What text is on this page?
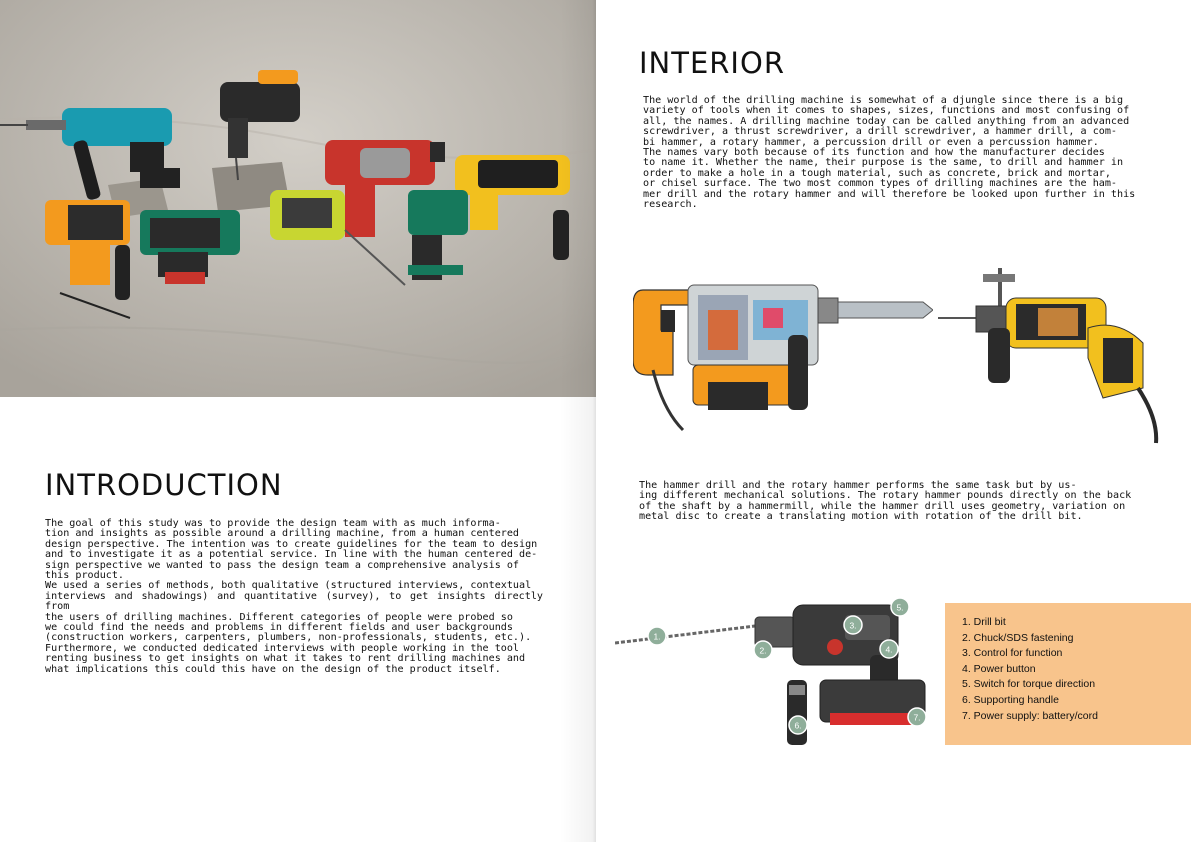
INTRODUCTION
The goal of this study was to provide the design team with as much informa-
tion and insights as possible around a drilling machine, from a human centered
design perspective. The intention was to create guidelines for the team to design
and to investigate it as a potential service. In line with the human centered de-
sign perspective we wanted to pass the design team a comprehensive analysis of
this product.
We used a series of methods, both qualitative (structured interviews, contextual
interviews and shadowings) and quantitative (survey), to get insights directly from
the users of drilling machines. Different categories of people were probed so
we could find the needs and problems in different fields and user backgrounds
(construction workers, carpenters, plumbers, non-professionals, students, etc.).
Furthermore, we conducted dedicated interviews with people working in the tool
renting business to get insights on what it takes to rent drilling machines and
what implications this could this have on the design of the product itself.
INTERIOR
The world of the drilling machine is somewhat of a djungle since there is a big
variety of tools when it comes to shapes, sizes, functions and most confusing of
all, the names. A drilling machine today can be called anything from an advanced
screwdriver, a thrust screwdriver, a drill screwdriver, a hammer drill, a com-
bi hammer, a rotary hammer, a percussion drill or even a percussion hammer.
The names vary both because of its function and how the manufacturer decides
to name it. Whether the name, their purpose is the same, to drill and hammer in
order to make a hole in a tough material, such as concrete, brick and mortar,
or chisel surface. The two most common types of drilling machines are the ham-
mer drill and the rotary hammer and will therefore be looked upon further in this
research.
The hammer drill and the rotary hammer performs the same task but by us-
ing different mechanical solutions. The rotary hammer pounds directly on the back
of the shaft by a hammermill, while the hammer drill uses geometry, variation on
metal disc to create a translating motion with rotation of the drill bit.
1.
2.
3.
4.
5.
6.
7.
1. Drill bit
2. Chuck/SDS fastening
3. Control for function
4. Power button
5. Switch for torque direction
6. Supporting handle
7. Power supply: battery/cord
